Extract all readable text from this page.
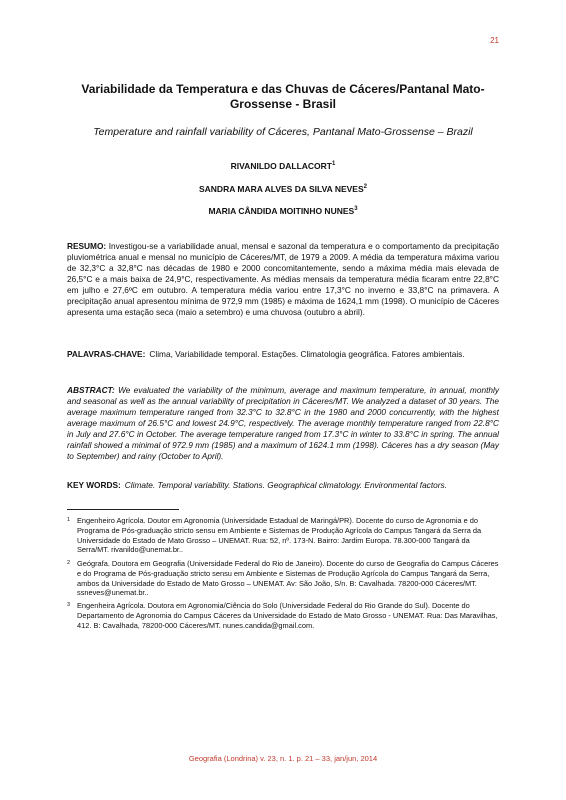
21
Variabilidade da Temperatura e das Chuvas de Cáceres/Pantanal Mato-Grossense - Brasil
Temperature and rainfall variability of Cáceres, Pantanal Mato-Grossense – Brazil
RIVANILDO DALLACORT$^1$
SANDRA MARA ALVES DA SILVA NEVES$^2$
MARIA CÂNDIDA MOITINHO NUNES$^3$
RESUMO: Investigou-se a variabilidade anual, mensal e sazonal da temperatura e o comportamento da precipitação pluviométrica anual e mensal no município de Cáceres/MT, de 1979 a 2009. A média da temperatura máxima variou de 32,3°C a 32,8°C nas décadas de 1980 e 2000 concomitantemente, sendo a máxima média mais elevada de 26,5°C e a mais baixa de 24,9°C, respectivamente. As médias mensais da temperatura média ficaram entre 22,8°C em julho e 27,6ºC em outubro. A temperatura média variou entre 17,3°C no inverno e 33,8°C na primavera. A precipitação anual apresentou mínima de 972,9 mm (1985) e máxima de 1624,1 mm (1998). O município de Cáceres apresenta uma estação seca (maio a setembro) e uma chuvosa (outubro a abril).
PALAVRAS-CHAVE: Clima, Variabilidade temporal. Estações. Climatologia geográfica. Fatores ambientais.
ABSTRACT: We evaluated the variability of the minimum, average and maximum temperature, in annual, monthly and seasonal as well as the annual variability of precipitation in Cáceres/MT. We analyzed a dataset of 30 years. The average maximum temperature ranged from 32.3°C to 32.8°C in the 1980 and 2000 concurrently, with the highest average maximum of 26.5°C and lowest 24.9°C, respectively. The average monthly temperature ranged from 22.8°C in July and 27.6°C in October. The average temperature ranged from 17.3°C in winter to 33.8°C in spring. The annual rainfall showed a minimal of 972.9 mm (1985) and a maximum of 1624.1 mm (1998). Cáceres has a dry season (May to September) and rainy (October to April).
KEY WORDS: Climate. Temporal variability. Stations. Geographical climatology. Environmental factors.
1 Engenheiro Agrícola. Doutor em Agronomia (Universidade Estadual de Maringá/PR). Docente do curso de Agronomia e do Programa de Pós-graduação stricto sensu em Ambiente e Sistemas de Produção Agrícola do Campus Tangará da Serra da Universidade do Estado de Mato Grosso – UNEMAT. Rua: 52, nº. 173-N. Bairro: Jardim Europa. 78.300-000 Tangará da Serra/MT. rivanildo@unemat.br..
2 Geógrafa. Doutora em Geografia (Universidade Federal do Rio de Janeiro). Docente do curso de Geografia do Campus Cáceres e do Programa de Pós-graduação stricto sensu em Ambiente e Sistemas de Produção Agrícola do Campus Tangará da Serra, ambos da Universidade do Estado de Mato Grosso – UNEMAT. Av: São João, S/n. B: Cavalhada. 78200-000 Cáceres/MT. ssneves@unemat.br..
3 Engenheira Agrícola. Doutora em Agronomia/Ciência do Solo (Universidade Federal do Rio Grande do Sul). Docente do Departamento de Agronomia do Campus Cáceres da Universidade do Estado de Mato Grosso - UNEMAT. Rua: Das Maravilhas, 412. B: Cavalhada, 78200-000 Cáceres/MT. nunes.candida@gmail.com.
Geografia (Londrina) v. 23, n. 1. p. 21 – 33, jan/jun, 2014
